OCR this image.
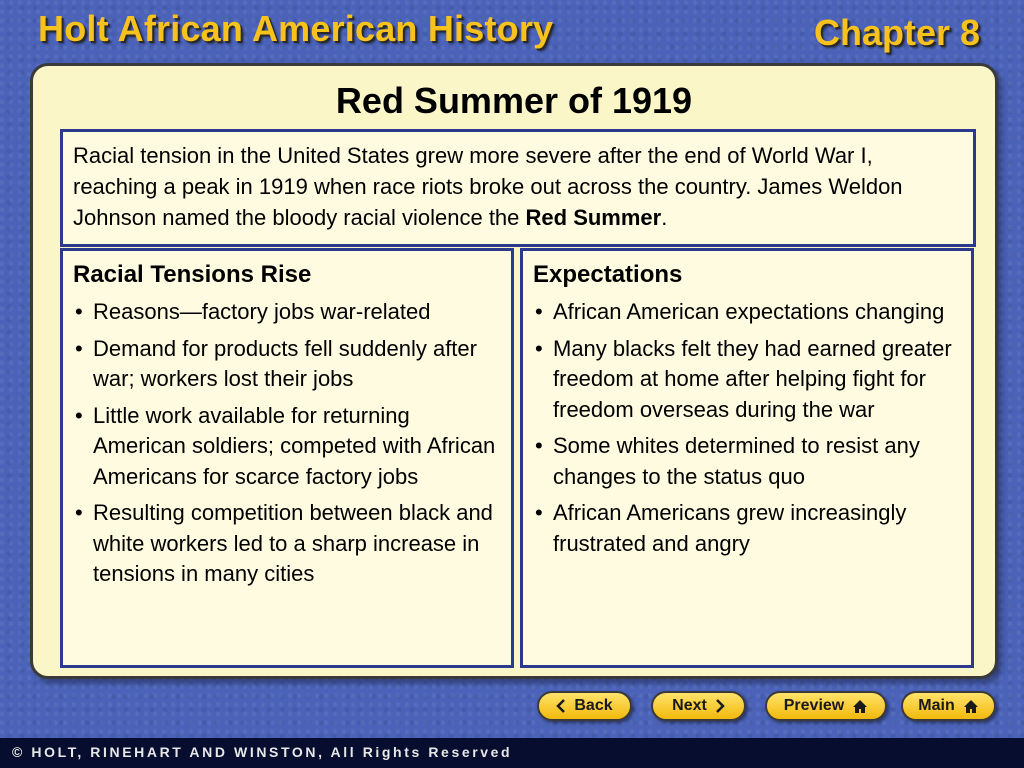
Holt African American History	Chapter 8
Red Summer of 1919
Racial tension in the United States grew more severe after the end of World War I, reaching a peak in 1919 when race riots broke out across the country. James Weldon Johnson named the bloody racial violence the Red Summer.
Racial Tensions Rise
• Reasons—factory jobs war-related
• Demand for products fell suddenly after war; workers lost their jobs
• Little work available for returning American soldiers; competed with African Americans for scarce factory jobs
• Resulting competition between black and white workers led to a sharp increase in tensions in many cities
Expectations
• African American expectations changing
• Many blacks felt they had earned greater freedom at home after helping fight for freedom overseas during the war
• Some whites determined to resist any changes to the status quo
• African Americans grew increasingly frustrated and angry
Back	Next	Preview	Main
© HOLT, RINEHART AND WINSTON, All Rights Reserved
